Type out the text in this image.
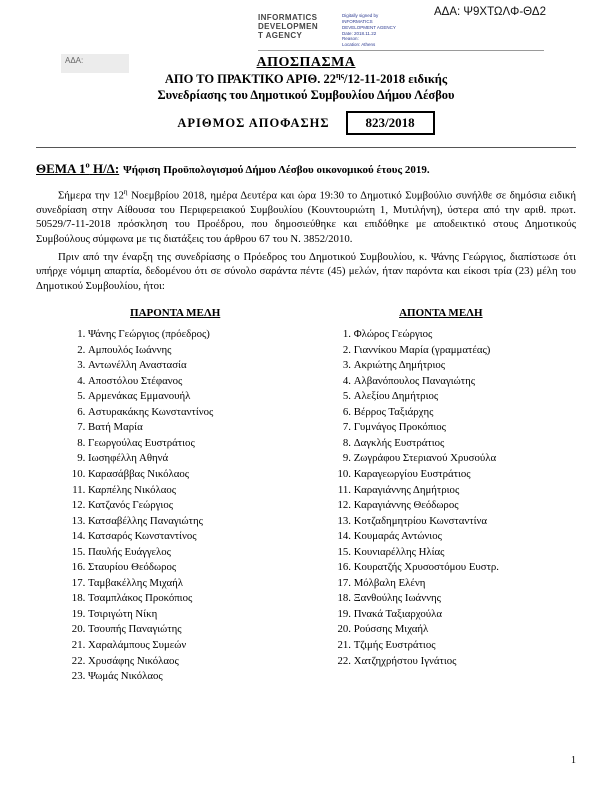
ΑΔΑ: Ψ9ΧΤΩΛΦ-ΘΔ2
INFORMATICS
DEVELOPMEN
T AGENCY
Digitally signed by
INFORMATICS
DEVELOPMENT AGENCY
Date: 2018.11.22
Reason:
Location: Athens
ΑΔΑ:	ΑΠΟΣΠΑΣΜΑ
ΑΠΟ ΤΟ ΠΡΑΚΤΙΚΟ ΑΡΙΘ. $22^{\eta\varsigma}/12-11-2018$ ειδικής
Συνεδρίασης του Δημοτικού Συμβουλίου Δήμου Λέσβου
ΑΡΙΘΜΟΣ ΑΠΟΦΑΣΗΣ	823/2018
ΘΕΜΑ $1^o$ Η/Δ: Ψήφιση Προϋπολογισμού Δήμου Λέσβου οικονομικού έτους 2019.

Σήμερα την $12^\eta$ Νοεμβρίου 2018, ημέρα Δευτέρα και ώρα 19:30 το Δημοτικό Συμβούλιο συνήλθε σε δημόσια ειδική συνεδρίαση στην Αίθουσα του Περιφερειακού Συμβουλίου (Κουντουριώτη 1, Μυτιλήνη), ύστερα από την αριθ. πρωτ. 50529/7-11-2018 πρόσκληση του Προέδρου, που δημοσιεύθηκε και επιδόθηκε με αποδεικτικό στους Δημοτικούς Συμβούλους σύμφωνα με τις διατάξεις του άρθρου 67 του Ν. 3852/2010.

Πριν από την έναρξη της συνεδρίασης ο Πρόεδρος του Δημοτικού Συμβουλίου, κ. Ψάνης Γεώργιος, διαπίστωσε ότι υπήρχε νόμιμη απαρτία, δεδομένου ότι σε σύνολο σαράντα πέντε (45) μελών, ήταν παρόντα και είκοσι τρία (23) μέλη του Δημοτικού Συμβουλίου, ήτοι:

ΠΑΡΟΝΤΑ ΜΕΛΗ
1. Ψάνης Γεώργιος (πρόεδρος)
2. Αμπουλός Ιωάννης
3. Αντωνέλλη Αναστασία
4. Αποστόλου Στέφανος
5. Αρμενάκας Εμμανουήλ
6. Αστυρακάκης Κωνσταντίνος
7. Βατή Μαρία
8. Γεωργούλας Ευστράτιος
9. Ιωσηφέλλη Αθηνά
10. Καρασάββας Νικόλαος
11. Καρπέλης Νικόλαος
12. Κατζανός Γεώργιος
13. Κατσαβέλλης Παναγιώτης
14. Κατσαρός Κωνσταντίνος
15. Παυλής Ευάγγελος
16. Σταυρίου Θεόδωρος
17. Ταμβακέλλης Μιχαήλ
18. Τσαμπλάκος Προκόπιος
19. Τσιριγώτη Νίκη
20. Τσουπής Παναγιώτης
21. Χαραλάμπους Συμεών
22. Χρυσάφης Νικόλαος
23. Ψωμάς Νικόλαος
ΑΠΟΝΤΑ ΜΕΛΗ
1. Φλώρος Γεώργιος
2. Γιαννίκου Μαρία (γραμματέας)
3. Ακριώτης Δημήτριος
4. Αλβανόπουλος Παναγιώτης
5. Αλεξίου Δημήτριος
6. Βέρρος Ταξιάρχης
7. Γυμνάγος Προκόπιος
8. Δαγκλής Ευστράτιος
9. Ζωγράφου Στεριανού Χρυσούλα
10. Καραγεωργίου Ευστράτιος
11. Καραγιάννης Δημήτριος
12. Καραγιάννης Θεόδωρος
13. Κοτζαδημητρίου Κωνσταντίνα
14. Κουμαράς Αντώνιος
15. Κουνιαρέλλης Ηλίας
16. Κουρατζής Χρυσοστόμου Ευστρ.
17. Μόλβαλη Ελένη
18. Ξανθούλης Ιωάννης
19. Πνακά Ταξιαρχούλα
20. Ρούσσης Μιχαήλ
21. Τζιμής Ευστράτιος
22. Χατζηχρήστου Ιγνάτιος
1
